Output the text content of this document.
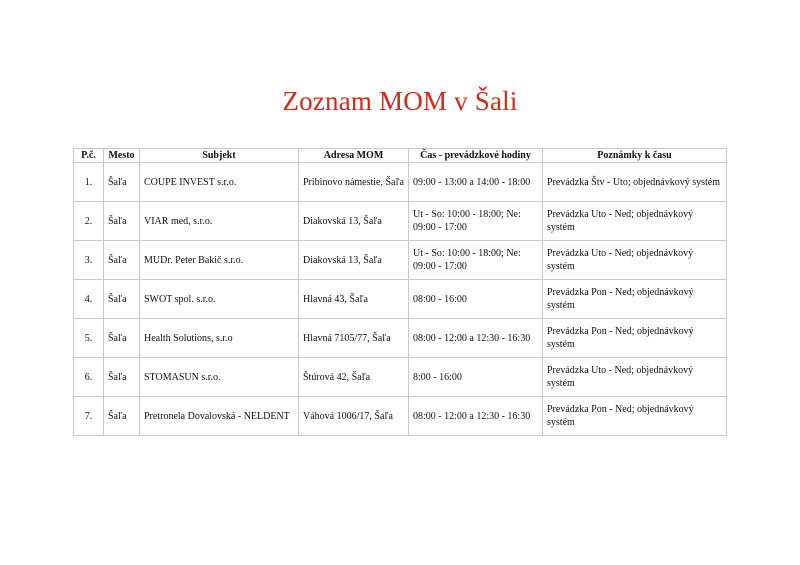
Zoznam MOM v Šali
P.č.	Mesto	Subjekt	Adresa MOM	Čas - prevádzkové hodiny	Poznámky k času
1.	Šaľa	COUPE INVEST s.r.o.	Pribinovo námestie, Šaľa	09:00 - 13:00 a 14:00 - 18:00	Prevádzka Štv - Uto; objednávkový systém
2.	Šaľa	VIAR med, s.r.o.	Diakovská 13, Šaľa	Ut - So: 10:00 - 18:00; Ne: 09:00 - 17:00	Prevádzka Uto - Ned; objednávkový systém
3.	Šaľa	MUDr. Peter Bakič s.r.o.	Diakovská 13, Šaľa	Ut - So: 10:00 - 18:00; Ne: 09:00 - 17:00	Prevádzka Uto - Ned; objednávkový systém
4.	Šaľa	SWOT spol. s.r.o.	Hlavná 43, Šaľa	08:00 - 16:00	Prevádzka Pon - Ned; objednávkový systém
5.	Šaľa	Health Solutions, s.r.o	Hlavná 7105/77, Šaľa	08:00 - 12:00 a 12:30 - 16:30	Prevádzka Pon - Ned; objednávkový systém
6.	Šaľa	STOMASUN s.r.o.	Štúrová 42, Šaľa	8:00 - 16:00	Prevádzka Uto - Ned; objednávkový systém
7.	Šaľa	Pretronela Dovalovská - NELDENT	Váhová 1006/17, Šaľa	08:00 - 12:00 a 12:30 - 16:30	Prevádzka Pon - Ned; objednávkový systém
